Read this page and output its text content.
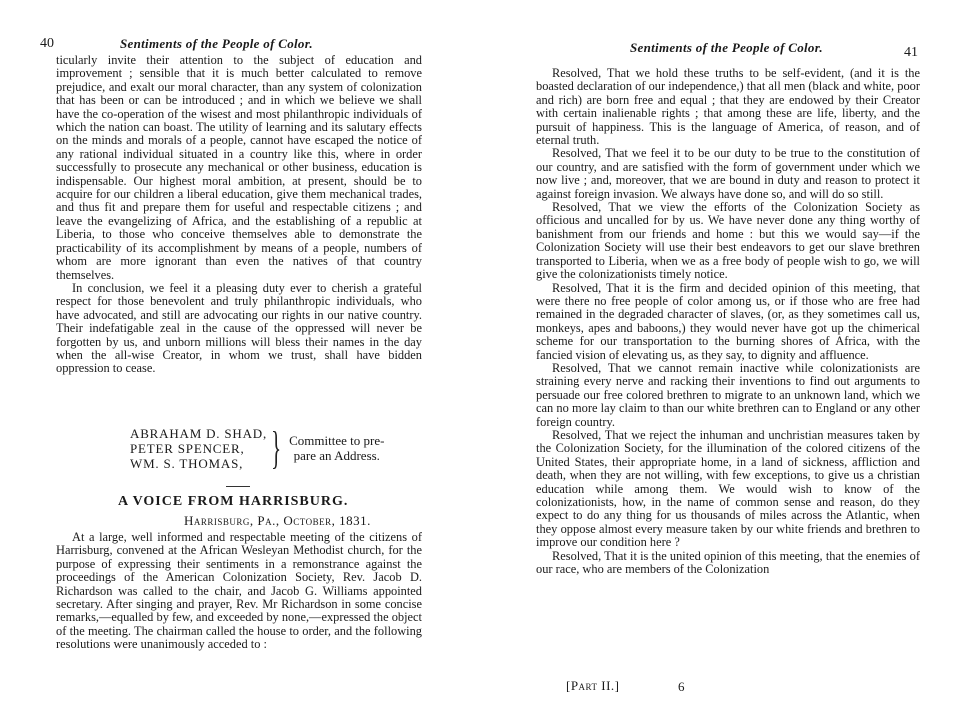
40	Sentiments of the People of Color.

ticularly invite their attention to the subject of education and improvement ; sensible that it is much better calculated to remove prejudice, and exalt our moral character, than any system of colonization that has been or can be introduced ; and in which we believe we shall have the co-operation of the wisest and most philanthropic individuals of which the nation can boast. The utility of learning and its salutary effects on the minds and morals of a people, cannot have escaped the notice of any rational individual situated in a country like this, where in order successfully to prosecute any mechanical or other business, education is indispensable. Our highest moral ambition, at present, should be to acquire for our children a liberal education, give them mechanical trades, and thus fit and prepare them for useful and respectable citizens ; and leave the evangelizing of Africa, and the establishing of a republic at Liberia, to those who conceive themselves able to demonstrate the practicability of its accomplishment by means of a people, numbers of whom are more ignorant than even the natives of that country themselves.

In conclusion, we feel it a pleasing duty ever to cherish a grateful respect for those benevolent and truly philanthropic individuals, who have advocated, and still are advocating our rights in our native country. Their indefatigable zeal in the cause of the oppressed will never be forgotten by us, and unborn millions will bless their names in the day when the all-wise Creator, in whom we trust, shall have bidden oppression to cease.

ABRAHAM D. SHAD,
PETER SPENCER,
WM. S. THOMAS, } Committee to pre-
pare an Address.
A VOICE FROM HARRISBURG.
Harrisburg, Pa., October, 1831.
At a large, well informed and respectable meeting of the citizens of Harrisburg, convened at the African Wesleyan Methodist church, for the purpose of expressing their sentiments in a remonstrance against the proceedings of the American Colonization Society, Rev. Jacob D. Richardson was called to the chair, and Jacob G. Williams appointed secretary. After singing and prayer, Rev. Mr Richardson in some concise remarks,—equalled by few, and exceeded by none,—expressed the object of the meeting. The chairman called the house to order, and the following resolutions were unanimously acceded to :
Sentiments of the People of Color.	41

Resolved, That we hold these truths to be self-evident, (and it is the boasted declaration of our independence,) that all men (black and white, poor and rich) are born free and equal ; that they are endowed by their Creator with certain inalienable rights ; that among these are life, liberty, and the pursuit of happiness. This is the language of America, of reason, and of eternal truth.

Resolved, That we feel it to be our duty to be true to the constitution of our country, and are satisfied with the form of government under which we now live ; and, moreover, that we are bound in duty and reason to protect it against foreign invasion. We always have done so, and will do so still.

Resolved, That we view the efforts of the Colonization Society as officious and uncalled for by us. We have never done any thing worthy of banishment from our friends and home : but this we would say—if the Colonization Society will use their best endeavors to get our slave brethren transported to Liberia, when we as a free body of people wish to go, we will give the colonizationists timely notice.

Resolved, That it is the firm and decided opinion of this meeting, that were there no free people of color among us, or if those who are free had remained in the degraded character of slaves, (or, as they sometimes call us, monkeys, apes and baboons,) they would never have got up the chimerical scheme for our transportation to the burning shores of Africa, with the fancied vision of elevating us, as they say, to dignity and affluence.

Resolved, That we cannot remain inactive while colonizationists are straining every nerve and racking their inventions to find out arguments to persuade our free colored brethren to migrate to an unknown land, which we can no more lay claim to than our white brethren can to England or any other foreign country.

Resolved, That we reject the inhuman and unchristian measures taken by the Colonization Society, for the illumination of the colored citizens of the United States, their appropriate home, in a land of sickness, affliction and death, when they are not willing, with few exceptions, to give us a christian education while among them. We would wish to know of the colonizationists, how, in the name of common sense and reason, do they expect to do any thing for us thousands of miles across the Atlantic, when they oppose almost every measure taken by our white friends and brethren to improve our condition here ?

Resolved, That it is the united opinion of this meeting, that the enemies of our race, who are members of the Colonization

[Part II.]	6
